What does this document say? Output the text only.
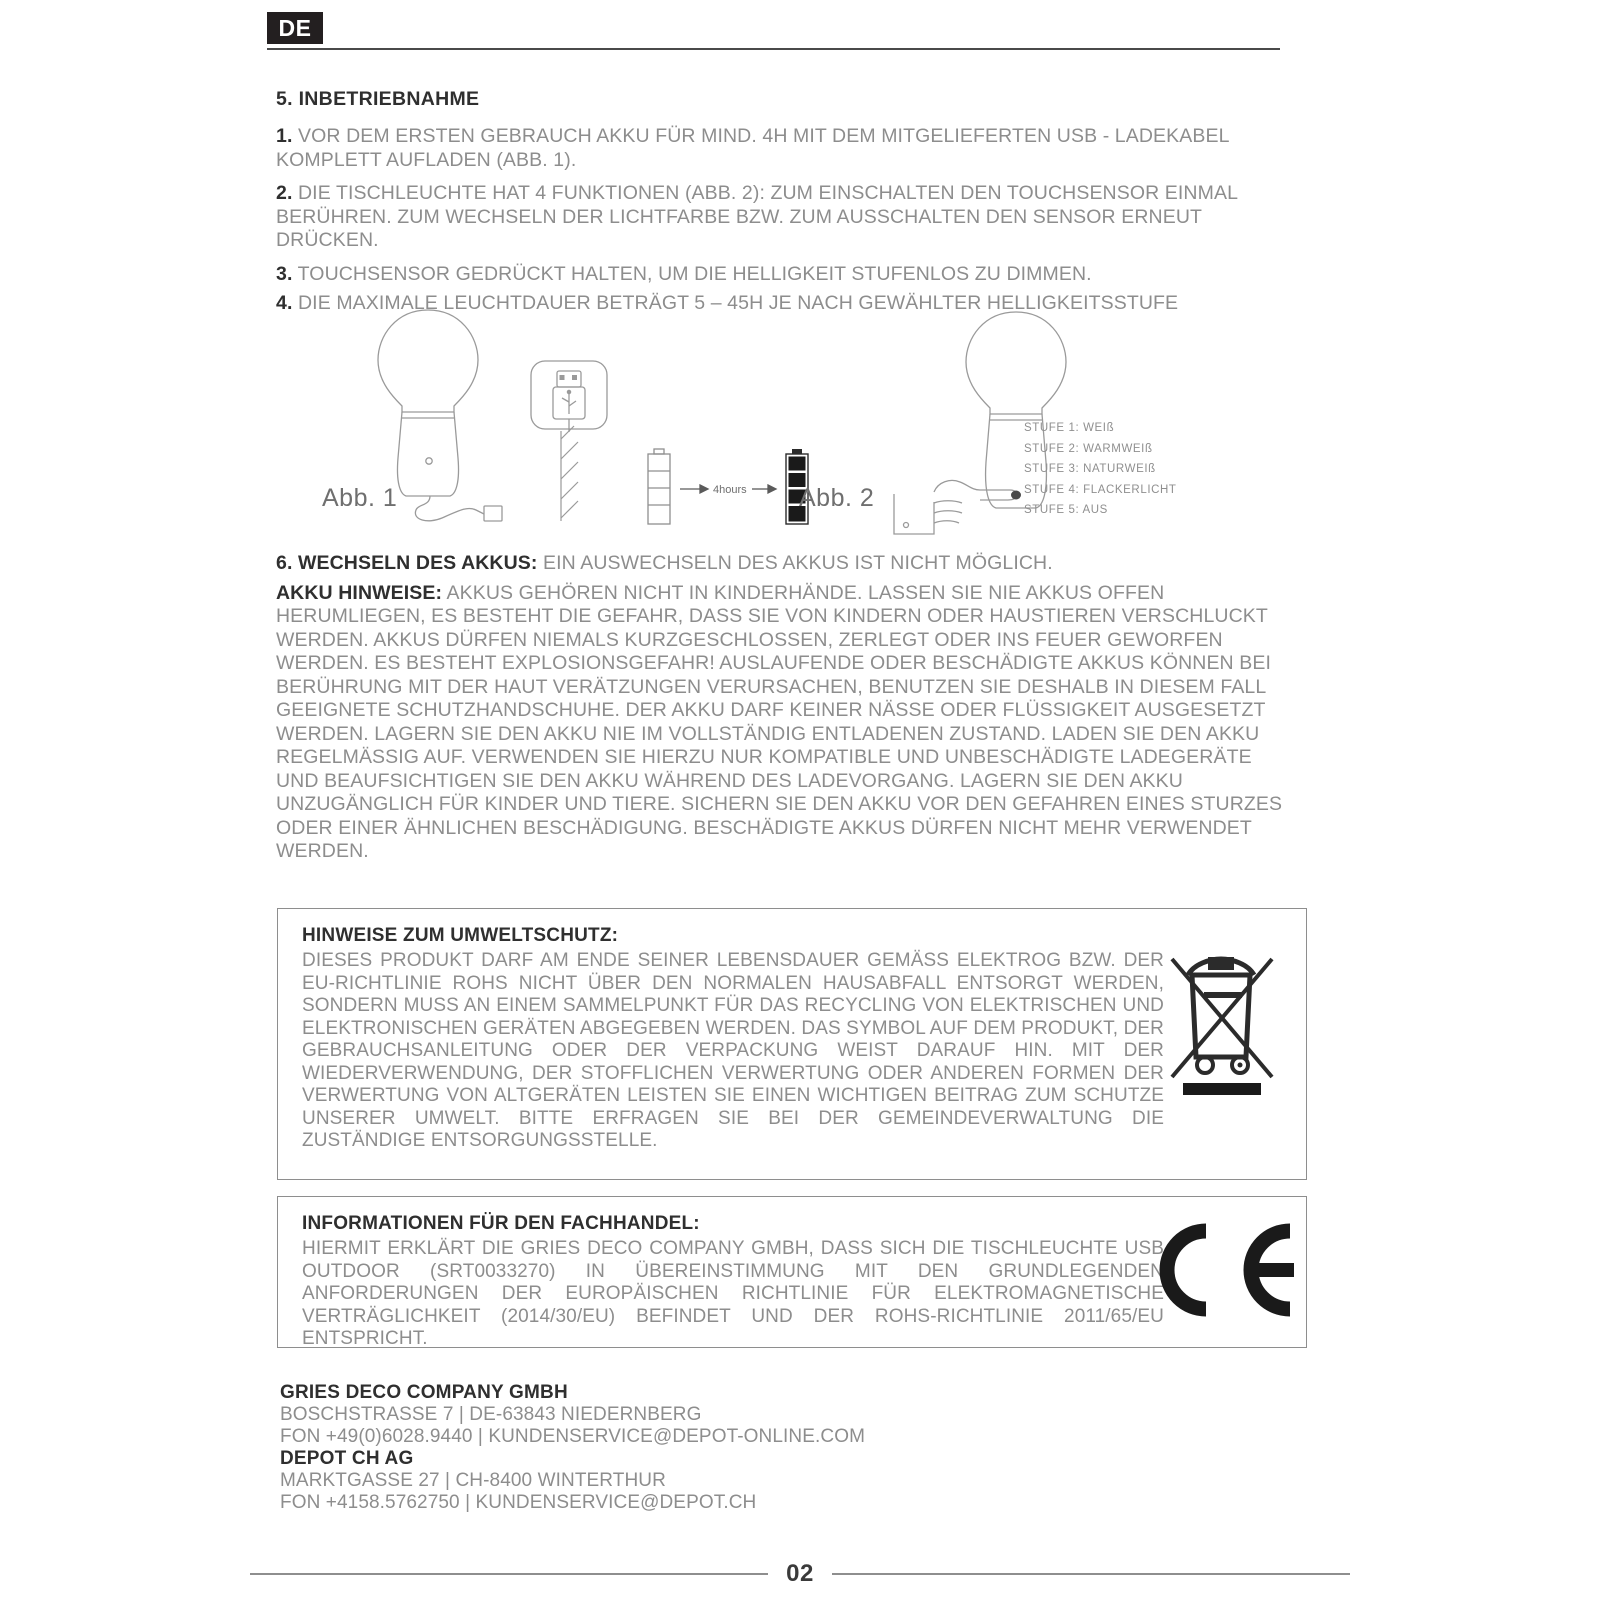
DE
5. INBETRIEBNAHME

1. VOR DEM ERSTEN GEBRAUCH AKKU FÜR MIND. 4H MIT DEM MITGELIEFERTEN USB - LADEKABEL KOMPLETT AUFLADEN (ABB. 1).

2. DIE TISCHLEUCHTE HAT 4 FUNKTIONEN (ABB. 2): ZUM EINSCHALTEN DEN TOUCHSENSOR EINMAL BERÜHREN. ZUM WECHSELN DER LICHTFARBE BZW. ZUM AUSSCHALTEN DEN SENSOR ERNEUT DRÜCKEN.

3. TOUCHSENSOR GEDRÜCKT HALTEN, UM DIE HELLIGKEIT STUFENLOS ZU DIMMEN.

4. DIE MAXIMALE LEUCHTDAUER BETRÄGT 5 – 45H JE NACH GEWÄHLTER HELLIGKEITSSTUFE

4hours
Abb. 1	Abb. 2
STUFE 1: WEIß
STUFE 2: WARMWEIß
STUFE 3: NATURWEIß
STUFE 4: FLACKERLICHT
STUFE 5: AUS

6. WECHSELN DES AKKUS: EIN AUSWECHSELN DES AKKUS IST NICHT MÖGLICH.

AKKU HINWEISE: AKKUS GEHÖREN NICHT IN KINDERHÄNDE. LASSEN SIE NIE AKKUS OFFEN HERUMLIEGEN, ES BESTEHT DIE GEFAHR, DASS SIE VON KINDERN ODER HAUSTIEREN VERSCHLUCKT WERDEN. AKKUS DÜRFEN NIEMALS KURZGESCHLOSSEN, ZERLEGT ODER INS FEUER GEWORFEN WERDEN. ES BESTEHT EXPLOSIONSGEFAHR! AUSLAUFENDE ODER BESCHÄDIGTE AKKUS KÖNNEN BEI BERÜHRUNG MIT DER HAUT VERÄTZUNGEN VERURSACHEN, BENUTZEN SIE DESHALB IN DIESEM FALL GEEIGNETE SCHUTZHANDSCHUHE. DER AKKU DARF KEINER NÄSSE ODER FLÜSSIGKEIT AUSGESETZT WERDEN. LAGERN SIE DEN AKKU NIE IM VOLLSTÄNDIG ENTLADENEN ZUSTAND. LADEN SIE DEN AKKU REGELMÄSSIG AUF. VERWENDEN SIE HIERZU NUR KOMPATIBLE UND UNBESCHÄDIGTE LADEGERÄTE UND BEAUFSICHTIGEN SIE DEN AKKU WÄHREND DES LADEVORGANG. LAGERN SIE DEN AKKU UNZUGÄNGLICH FÜR KINDER UND TIERE. SICHERN SIE DEN AKKU VOR DEN GEFAHREN EINES STURZES ODER EINER ÄHNLICHEN BESCHÄDIGUNG. BESCHÄDIGTE AKKUS DÜRFEN NICHT MEHR VERWENDET WERDEN.

HINWEISE ZUM UMWELTSCHUTZ:

DIESES PRODUKT DARF AM ENDE SEINER LEBENSDAUER GEMÄSS ELEKTROG BZW. DER EU-RICHTLINIE ROHS NICHT ÜBER DEN NORMALEN HAUSABFALL ENTSORGT WERDEN, SONDERN MUSS AN EINEM SAMMELPUNKT FÜR DAS RECYCLING VON ELEKTRISCHEN UND ELEKTRONISCHEN GERÄTEN ABGEGEBEN WERDEN. DAS SYMBOL AUF DEM PRODUKT, DER GEBRAUCHSANLEITUNG ODER DER VERPACKUNG WEIST DARAUF HIN. MIT DER WIEDERVERWENDUNG, DER STOFFLICHEN VERWERTUNG ODER ANDEREN FORMEN DER VERWERTUNG VON ALTGERÄTEN LEISTEN SIE EINEN WICHTIGEN BEITRAG ZUM SCHUTZE UNSERER UMWELT. BITTE ERFRAGEN SIE BEI DER GEMEINDEVERWALTUNG DIE ZUSTÄNDIGE ENTSORGUNGSSTELLE.

INFORMATIONEN FÜR DEN FACHHANDEL:

HIERMIT ERKLÄRT DIE GRIES DECO COMPANY GMBH, DASS SICH DIE TISCHLEUCHTE USB OUTDOOR (SRT0033270) IN ÜBEREINSTIMMUNG MIT DEN GRUNDLEGENDEN ANFORDERUNGEN DER EUROPÄISCHEN RICHTLINIE FÜR ELEKTROMAGNETISCHE VERTRÄGLICHKEIT (2014/30/EU) BEFINDET UND DER ROHS-RICHTLINIE 2011/65/EU ENTSPRICHT.

GRIES DECO COMPANY GMBH
BOSCHSTRASSE 7 | DE-63843 NIEDERNBERG
FON +49(0)6028.9440 | KUNDENSERVICE@DEPOT-ONLINE.COM
DEPOT CH AG
MARKTGASSE 27 | CH-8400 WINTERTHUR
FON +4158.5762750 | KUNDENSERVICE@DEPOT.CH
02
